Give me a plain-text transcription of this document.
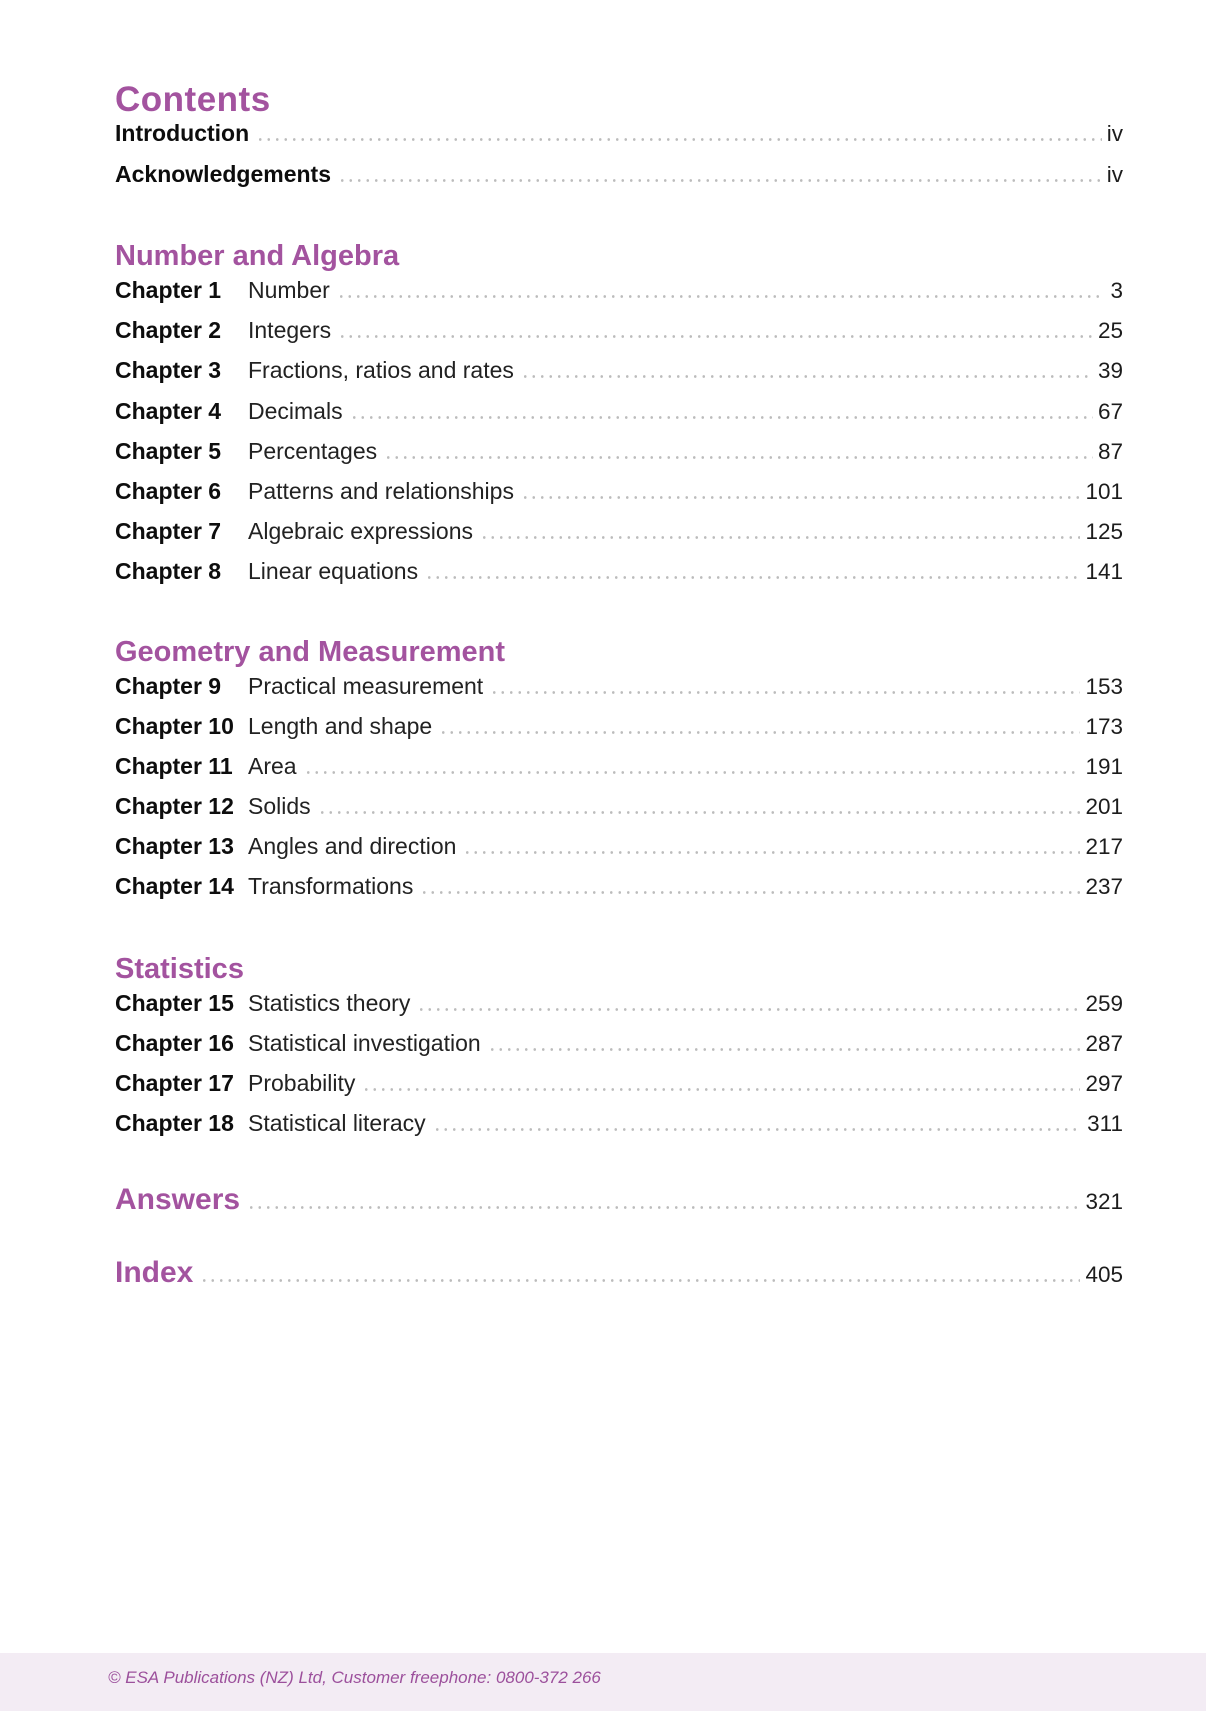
Contents
Introduction	iv
Acknowledgements	iv
Number and Algebra
Chapter 1	Number	3
Chapter 2	Integers	25
Chapter 3	Fractions, ratios and rates	39
Chapter 4	Decimals	67
Chapter 5	Percentages	87
Chapter 6	Patterns and relationships	101
Chapter 7	Algebraic expressions	125
Chapter 8	Linear equations	141
Geometry and Measurement
Chapter 9	Practical measurement	153
Chapter 10 Length and shape	173
Chapter 11 Area	191
Chapter 12 Solids	201
Chapter 13 Angles and direction	217
Chapter 14 Transformations	237
Statistics
Chapter 15 Statistics theory	259
Chapter 16 Statistical investigation	287
Chapter 17 Probability	297
Chapter 18 Statistical literacy	311
Answers	321
Index	405
© ESA Publications (NZ) Ltd, Customer freephone: 0800-372 266
